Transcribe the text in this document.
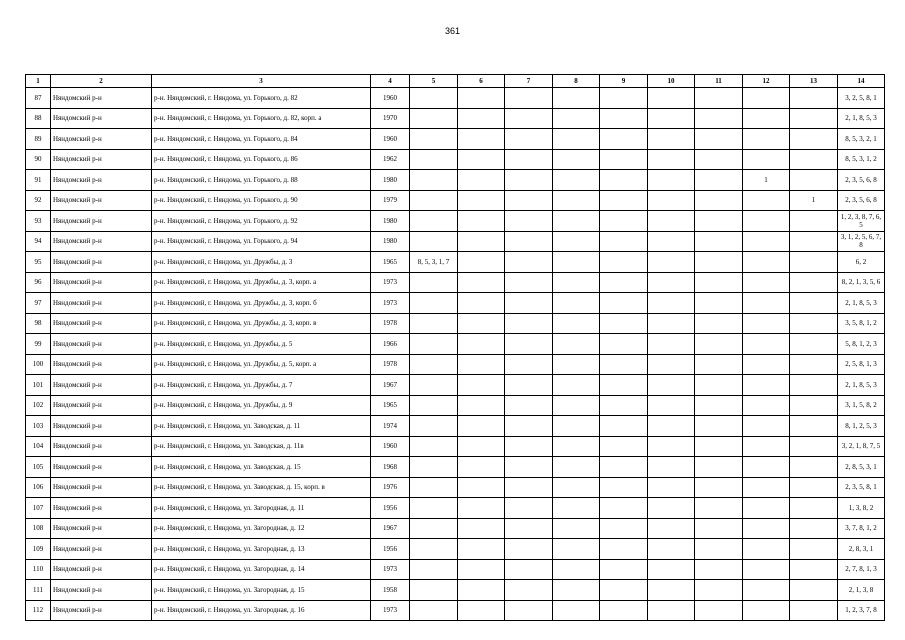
361
1	2	3	4	5	6	7	8	9	10	11	12	13	14
87	Няндомский р-н	р-н. Няндомский, г. Няндома, ул. Горького, д. 82	1960										3, 2, 5, 8, 1
88	Няндомский р-н	р-н. Няндомский, г. Няндома, ул. Горького, д. 82, корп. а	1970										2, 1, 8, 5, 3
89	Няндомский р-н	р-н. Няндомский, г. Няндома, ул. Горького, д. 84	1960										8, 5, 3, 2, 1
90	Няндомский р-н	р-н. Няндомский, г. Няндома, ул. Горького, д. 86	1962										8, 5, 3, 1, 2
91	Няндомский р-н	р-н. Няндомский, г. Няндома, ул. Горького, д. 88	1980								1		2, 3, 5, 6, 8
92	Няндомский р-н	р-н. Няндомский, г. Няндома, ул. Горького, д. 90	1979									1	2, 3, 5, 6, 8
93	Няндомский р-н	р-н. Няндомский, г. Няндома, ул. Горького, д. 92	1980										1, 2, 3, 8, 7, 6, 5
94	Няндомский р-н	р-н. Няндомский, г. Няндома, ул. Горького, д. 94	1980										3, 1, 2, 5, 6, 7, 8
95	Няндомский р-н	р-н. Няндомский, г. Няндома, ул. Дружбы, д. 3	1965	8, 5, 3, 1, 7									6, 2
96	Няндомский р-н	р-н. Няндомский, г. Няндома, ул. Дружбы, д. 3, корп. а	1973										8, 2, 1, 3, 5, 6
97	Няндомский р-н	р-н. Няндомский, г. Няндома, ул. Дружбы, д. 3, корп. б	1973										2, 1, 8, 5, 3
98	Няндомский р-н	р-н. Няндомский, г. Няндома, ул. Дружбы, д. 3, корп. в	1978										3, 5, 8, 1, 2
99	Няндомский р-н	р-н. Няндомский, г. Няндома, ул. Дружбы, д. 5	1966										5, 8, 1, 2, 3
100	Няндомский р-н	р-н. Няндомский, г. Няндома, ул. Дружбы, д. 5, корп. а	1978										2, 5, 8, 1, 3
101	Няндомский р-н	р-н. Няндомский, г. Няндома, ул. Дружбы, д. 7	1967										2, 1, 8, 5, 3
102	Няндомский р-н	р-н. Няндомский, г. Няндома, ул. Дружбы, д. 9	1965										3, 1, 5, 8, 2
103	Няндомский р-н	р-н. Няндомский, г. Няндома, ул. Заводская, д. 11	1974										8, 1, 2, 5, 3
104	Няндомский р-н	р-н. Няндомский, г. Няндома, ул. Заводская, д. 11в	1960										3, 2, 1, 8, 7, 5
105	Няндомский р-н	р-н. Няндомский, г. Няндома, ул. Заводская, д. 15	1968										2, 8, 5, 3, 1
106	Няндомский р-н	р-н. Няндомский, г. Няндома, ул. Заводская, д. 15, корп. в	1976										2, 3, 5, 8, 1
107	Няндомский р-н	р-н. Няндомский, г. Няндома, ул. Загородная, д. 11	1956										1, 3, 8, 2
108	Няндомский р-н	р-н. Няндомский, г. Няндома, ул. Загородная, д. 12	1967										3, 7, 8, 1, 2
109	Няндомский р-н	р-н. Няндомский, г. Няндома, ул. Загородная, д. 13	1956										2, 8, 3, 1
110	Няндомский р-н	р-н. Няндомский, г. Няндома, ул. Загородная, д. 14	1973										2, 7, 8, 1, 3
111	Няндомский р-н	р-н. Няндомский, г. Няндома, ул. Загородная, д. 15	1958										2, 1, 3, 8
112	Няндомский р-н	р-н. Няндомский, г. Няндома, ул. Загородная, д. 16	1973										1, 2, 3, 7, 8
